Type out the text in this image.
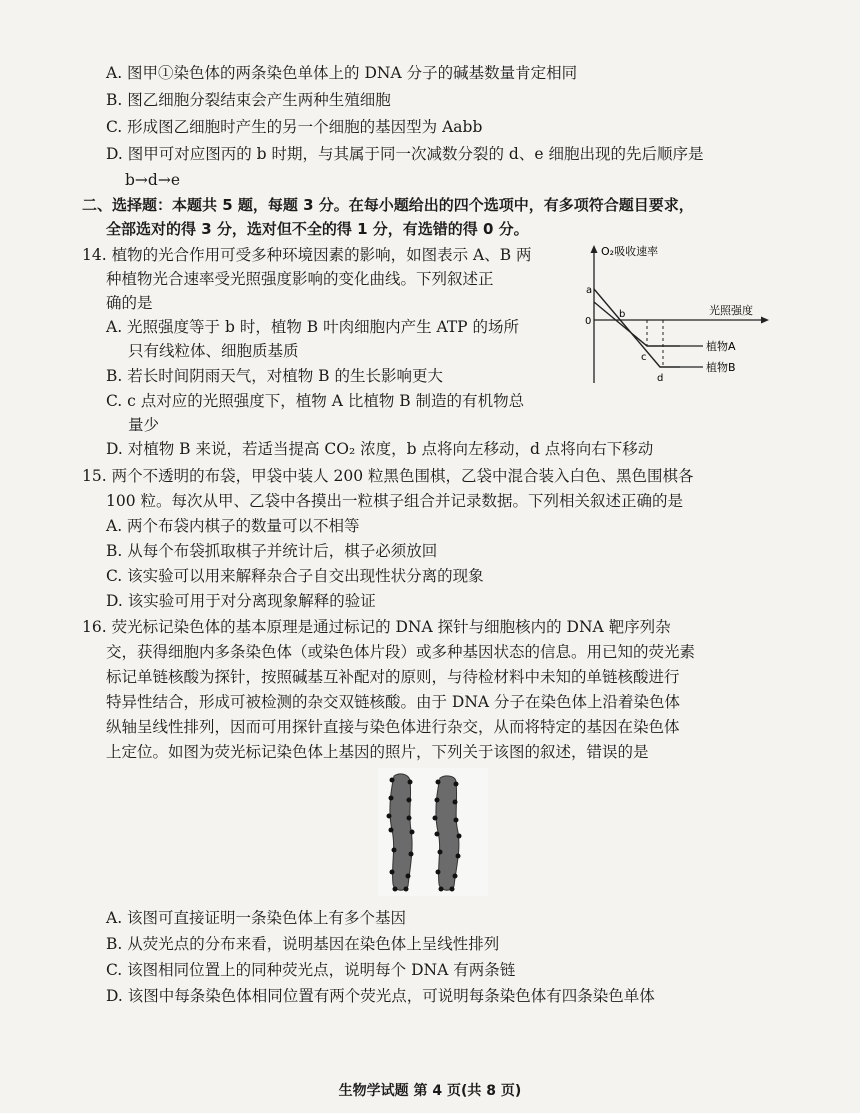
A. 图甲①染色体的两条染色单体上的 DNA 分子的碱基数量肯定相同
B. 图乙细胞分裂结束会产生两种生殖细胞
C. 形成图乙细胞时产生的另一个细胞的基因型为 Aabb
D. 图甲可对应图丙的 b 时期，与其属于同一次减数分裂的 d、e 细胞出现的先后顺序是
b→d→e
二、选择题：本题共 5 题，每题 3 分。在每小题给出的四个选项中，有多项符合题目要求，
全部选对的得 3 分，选对但不全的得 1 分，有选错的得 0 分。
14. 植物的光合作用可受多种环境因素的影响，如图表示 A、B 两
种植物光合速率受光照强度影响的变化曲线。下列叙述正
确的是
A. 光照强度等于 b 时，植物 B 叶肉细胞内产生 ATP 的场所
只有线粒体、细胞质基质
B. 若长时间阴雨天气，对植物 B 的生长影响更大
C. c 点对应的光照强度下，植物 A 比植物 B 制造的有机物总
量少
D. 对植物 B 来说，若适当提高 CO₂ 浓度，b 点将向左移动，d 点将向右下移动
15. 两个不透明的布袋，甲袋中装人 200 粒黑色围棋，乙袋中混合装入白色、黑色围棋各
100 粒。每次从甲、乙袋中各摸出一粒棋子组合并记录数据。下列相关叙述正确的是
A. 两个布袋内棋子的数量可以不相等
B. 从每个布袋抓取棋子并统计后，棋子必须放回
C. 该实验可以用来解释杂合子自交出现性状分离的现象
D. 该实验可用于对分离现象解释的验证
16. 荧光标记染色体的基本原理是通过标记的 DNA 探针与细胞核内的 DNA 靶序列杂
交，获得细胞内多条染色体（或染色体片段）或多种基因状态的信息。用已知的荧光素
标记单链核酸为探针，按照碱基互补配对的原则，与待检材料中未知的单链核酸进行
特异性结合，形成可被检测的杂交双链核酸。由于 DNA 分子在染色体上沿着染色体
纵轴呈线性排列，因而可用探针直接与染色体进行杂交，从而将特定的基因在染色体
上定位。如图为荧光标记染色体上基因的照片，下列关于该图的叙述，错误的是
A. 该图可直接证明一条染色体上有多个基因
B. 从荧光点的分布来看，说明基因在染色体上呈线性排列
C. 该图相同位置上的同种荧光点，说明每个 DNA 有两条链
D. 该图中每条染色体相同位置有两个荧光点，可说明每条染色体有四条染色单体
O₂吸收速率
光照强度
0
a
b
c
d
植物A
植物B
生物学试题 第 4 页(共 8 页)
